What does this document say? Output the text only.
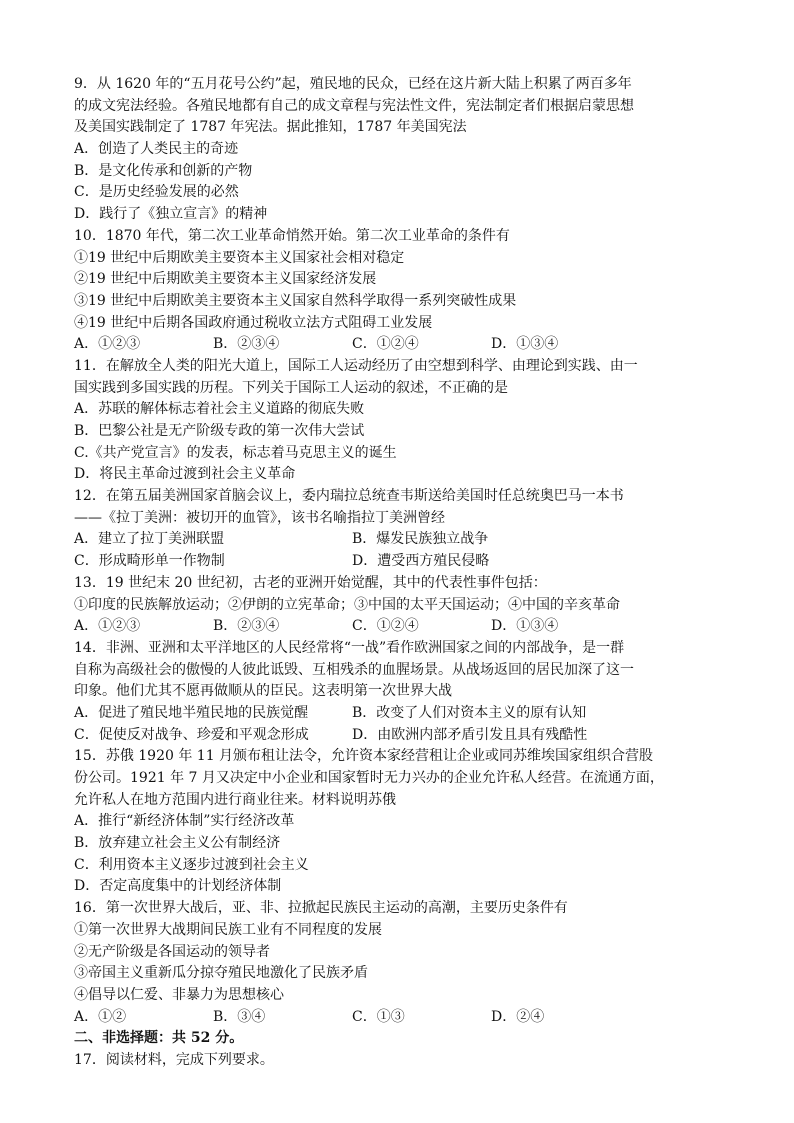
9．从 1620 年的“五月花号公约”起，殖民地的民众，已经在这片新大陆上积累了两百多年
的成文宪法经验。各殖民地都有自己的成文章程与宪法性文件，宪法制定者们根据启蒙思想
及美国实践制定了 1787 年宪法。据此推知，1787 年美国宪法
A．创造了人类民主的奇迹
B．是文化传承和创新的产物
C．是历史经验发展的必然
D．践行了《独立宣言》的精神
10．1870 年代，第二次工业革命悄然开始。第二次工业革命的条件有
①19 世纪中后期欧美主要资本主义国家社会相对稳定
②19 世纪中后期欧美主要资本主义国家经济发展
③19 世纪中后期欧美主要资本主义国家自然科学取得一系列突破性成果
④19 世纪中后期各国政府通过税收立法方式阻碍工业发展
A．①②③	B．②③④	C．①②④	D．①③④
11．在解放全人类的阳光大道上，国际工人运动经历了由空想到科学、由理论到实践、由一
国实践到多国实践的历程。下列关于国际工人运动的叙述，不正确的是
A．苏联的解体标志着社会主义道路的彻底失败
B．巴黎公社是无产阶级专政的第一次伟大尝试
C.《共产党宣言》的发表，标志着马克思主义的诞生
D．将民主革命过渡到社会主义革命
12．在第五届美洲国家首脑会议上，委内瑞拉总统查韦斯送给美国时任总统奥巴马一本书
——《拉丁美洲：被切开的血管》，该书名喻指拉丁美洲曾经
A．建立了拉丁美洲联盟	B．爆发民族独立战争
C．形成畸形单一作物制	D．遭受西方殖民侵略
13．19 世纪末 20 世纪初，古老的亚洲开始觉醒，其中的代表性事件包括：
①印度的民族解放运动；②伊朗的立宪革命；③中国的太平天国运动；④中国的辛亥革命
A．①②③	B．②③④	C．①②④	D．①③④
14．非洲、亚洲和太平洋地区的人民经常将“一战”看作欧洲国家之间的内部战争，是一群
自称为高级社会的傲慢的人彼此诋毁、互相残杀的血腥场景。从战场返回的居民加深了这一
印象。他们尤其不愿再做顺从的臣民。这表明第一次世界大战
A．促进了殖民地半殖民地的民族觉醒	B．改变了人们对资本主义的原有认知
C．促使反对战争、珍爱和平观念形成	D．由欧洲内部矛盾引发且具有残酷性
15．苏俄 1920 年 11 月颁布租让法令，允许资本家经营租让企业或同苏维埃国家组织合营股
份公司。1921 年 7 月又决定中小企业和国家暂时无力兴办的企业允许私人经营。在流通方面，
允许私人在地方范围内进行商业往来。材料说明苏俄
A．推行“新经济体制”实行经济改革
B．放弃建立社会主义公有制经济
C．利用资本主义逐步过渡到社会主义
D．否定高度集中的计划经济体制
16．第一次世界大战后，亚、非、拉掀起民族民主运动的高潮，主要历史条件有
①第一次世界大战期间民族工业有不同程度的发展
②无产阶级是各国运动的领导者
③帝国主义重新瓜分掠夺殖民地激化了民族矛盾
④倡导以仁爱、非暴力为思想核心
A．①②	B．③④	C．①③	D．②④
二、非选择题：共 52 分。
17．阅读材料，完成下列要求。
